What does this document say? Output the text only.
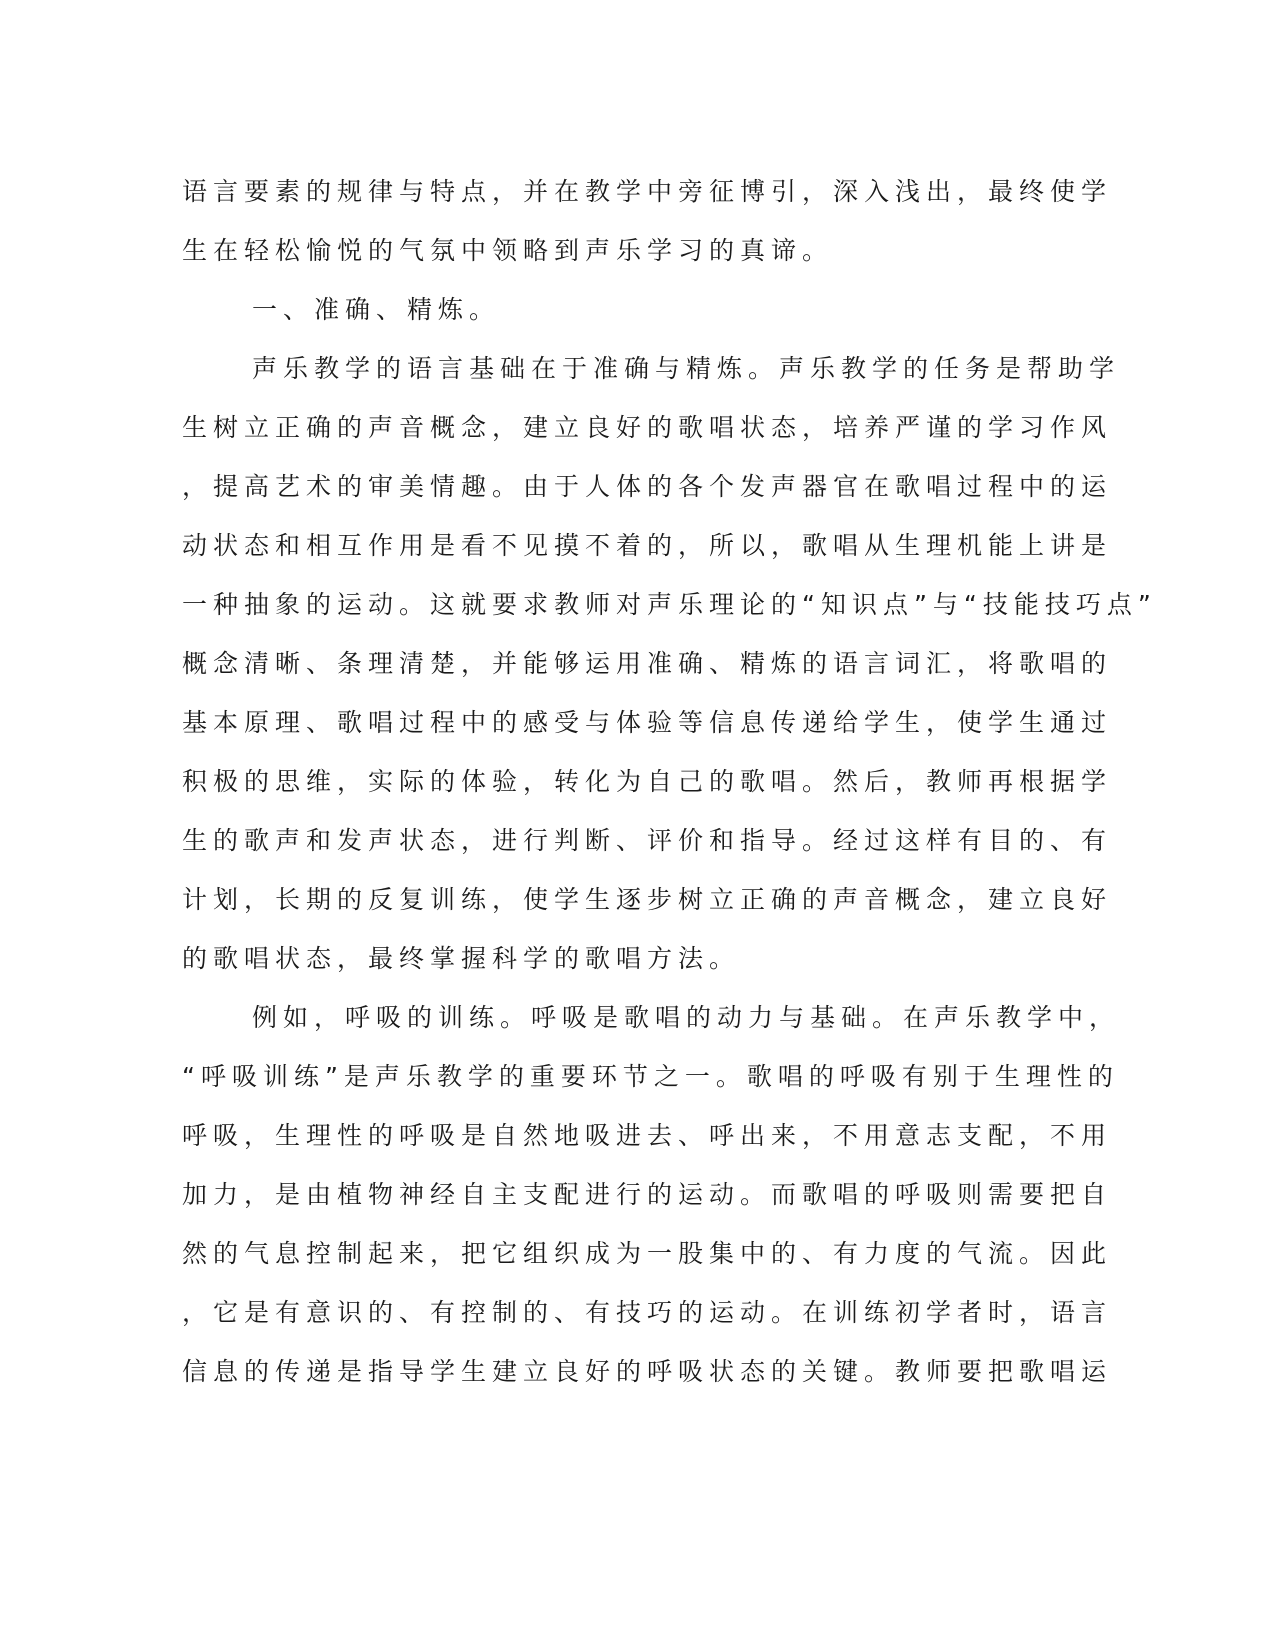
语言要素的规律与特点，并在教学中旁征博引，深入浅出，最终使学
生在轻松愉悦的气氛中领略到声乐学习的真谛。
一、准确、精炼。
声乐教学的语言基础在于准确与精炼。声乐教学的任务是帮助学
生树立正确的声音概念，建立良好的歌唱状态，培养严谨的学习作风
，提高艺术的审美情趣。由于人体的各个发声器官在歌唱过程中的运
动状态和相互作用是看不见摸不着的，所以，歌唱从生理机能上讲是
一种抽象的运动。这就要求教师对声乐理论的“知识点”与“技能技巧点”
概念清晰、条理清楚，并能够运用准确、精炼的语言词汇，将歌唱的
基本原理、歌唱过程中的感受与体验等信息传递给学生，使学生通过
积极的思维，实际的体验，转化为自己的歌唱。然后，教师再根据学
生的歌声和发声状态，进行判断、评价和指导。经过这样有目的、有
计划，长期的反复训练，使学生逐步树立正确的声音概念，建立良好
的歌唱状态，最终掌握科学的歌唱方法。
例如，呼吸的训练。呼吸是歌唱的动力与基础。在声乐教学中，
“呼吸训练”是声乐教学的重要环节之一。歌唱的呼吸有别于生理性的
呼吸，生理性的呼吸是自然地吸进去、呼出来，不用意志支配，不用
加力，是由植物神经自主支配进行的运动。而歌唱的呼吸则需要把自
然的气息控制起来，把它组织成为一股集中的、有力度的气流。因此
，它是有意识的、有控制的、有技巧的运动。在训练初学者时，语言
信息的传递是指导学生建立良好的呼吸状态的关键。教师要把歌唱运
